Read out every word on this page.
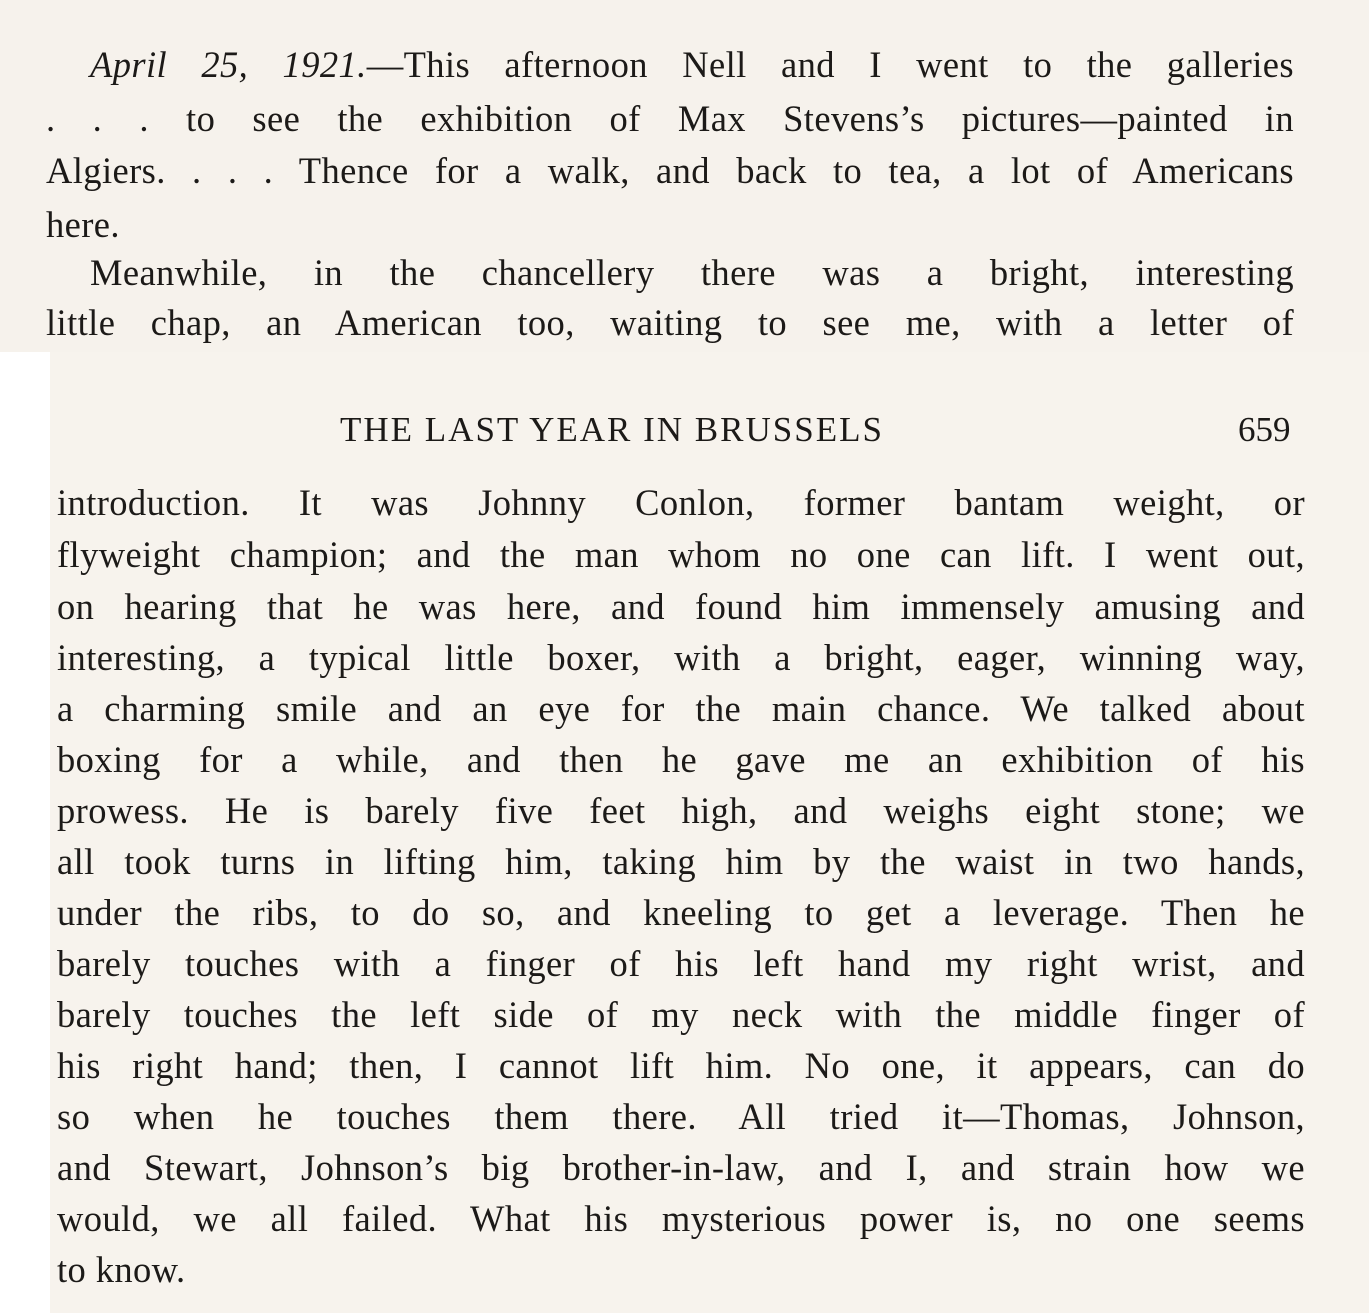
April 25, 1921.—This afternoon Nell and I went to the galleries

. . . to see the exhibition of Max Stevens’s pictures—painted in

Algiers. . . . Thence for a walk, and back to tea, a lot of Americans

here.

Meanwhile, in the chancellery there was a bright, interesting

little chap, an American too, waiting to see me, with a letter of

THE LAST YEAR IN BRUSSELS	659

introduction. It was Johnny Conlon, former bantam weight, or

flyweight champion; and the man whom no one can lift. I went out,

on hearing that he was here, and found him immensely amusing and

interesting, a typical little boxer, with a bright, eager, winning way,

a charming smile and an eye for the main chance. We talked about

boxing for a while, and then he gave me an exhibition of his

prowess. He is barely five feet high, and weighs eight stone; we

all took turns in lifting him, taking him by the waist in two hands,

under the ribs, to do so, and kneeling to get a leverage. Then he

barely touches with a finger of his left hand my right wrist, and

barely touches the left side of my neck with the middle finger of

his right hand; then, I cannot lift him. No one, it appears, can do

so when he touches them there. All tried it—Thomas, Johnson,

and Stewart, Johnson’s big brother-in-law, and I, and strain how we

would, we all failed. What his mysterious power is, no one seems

to know.
